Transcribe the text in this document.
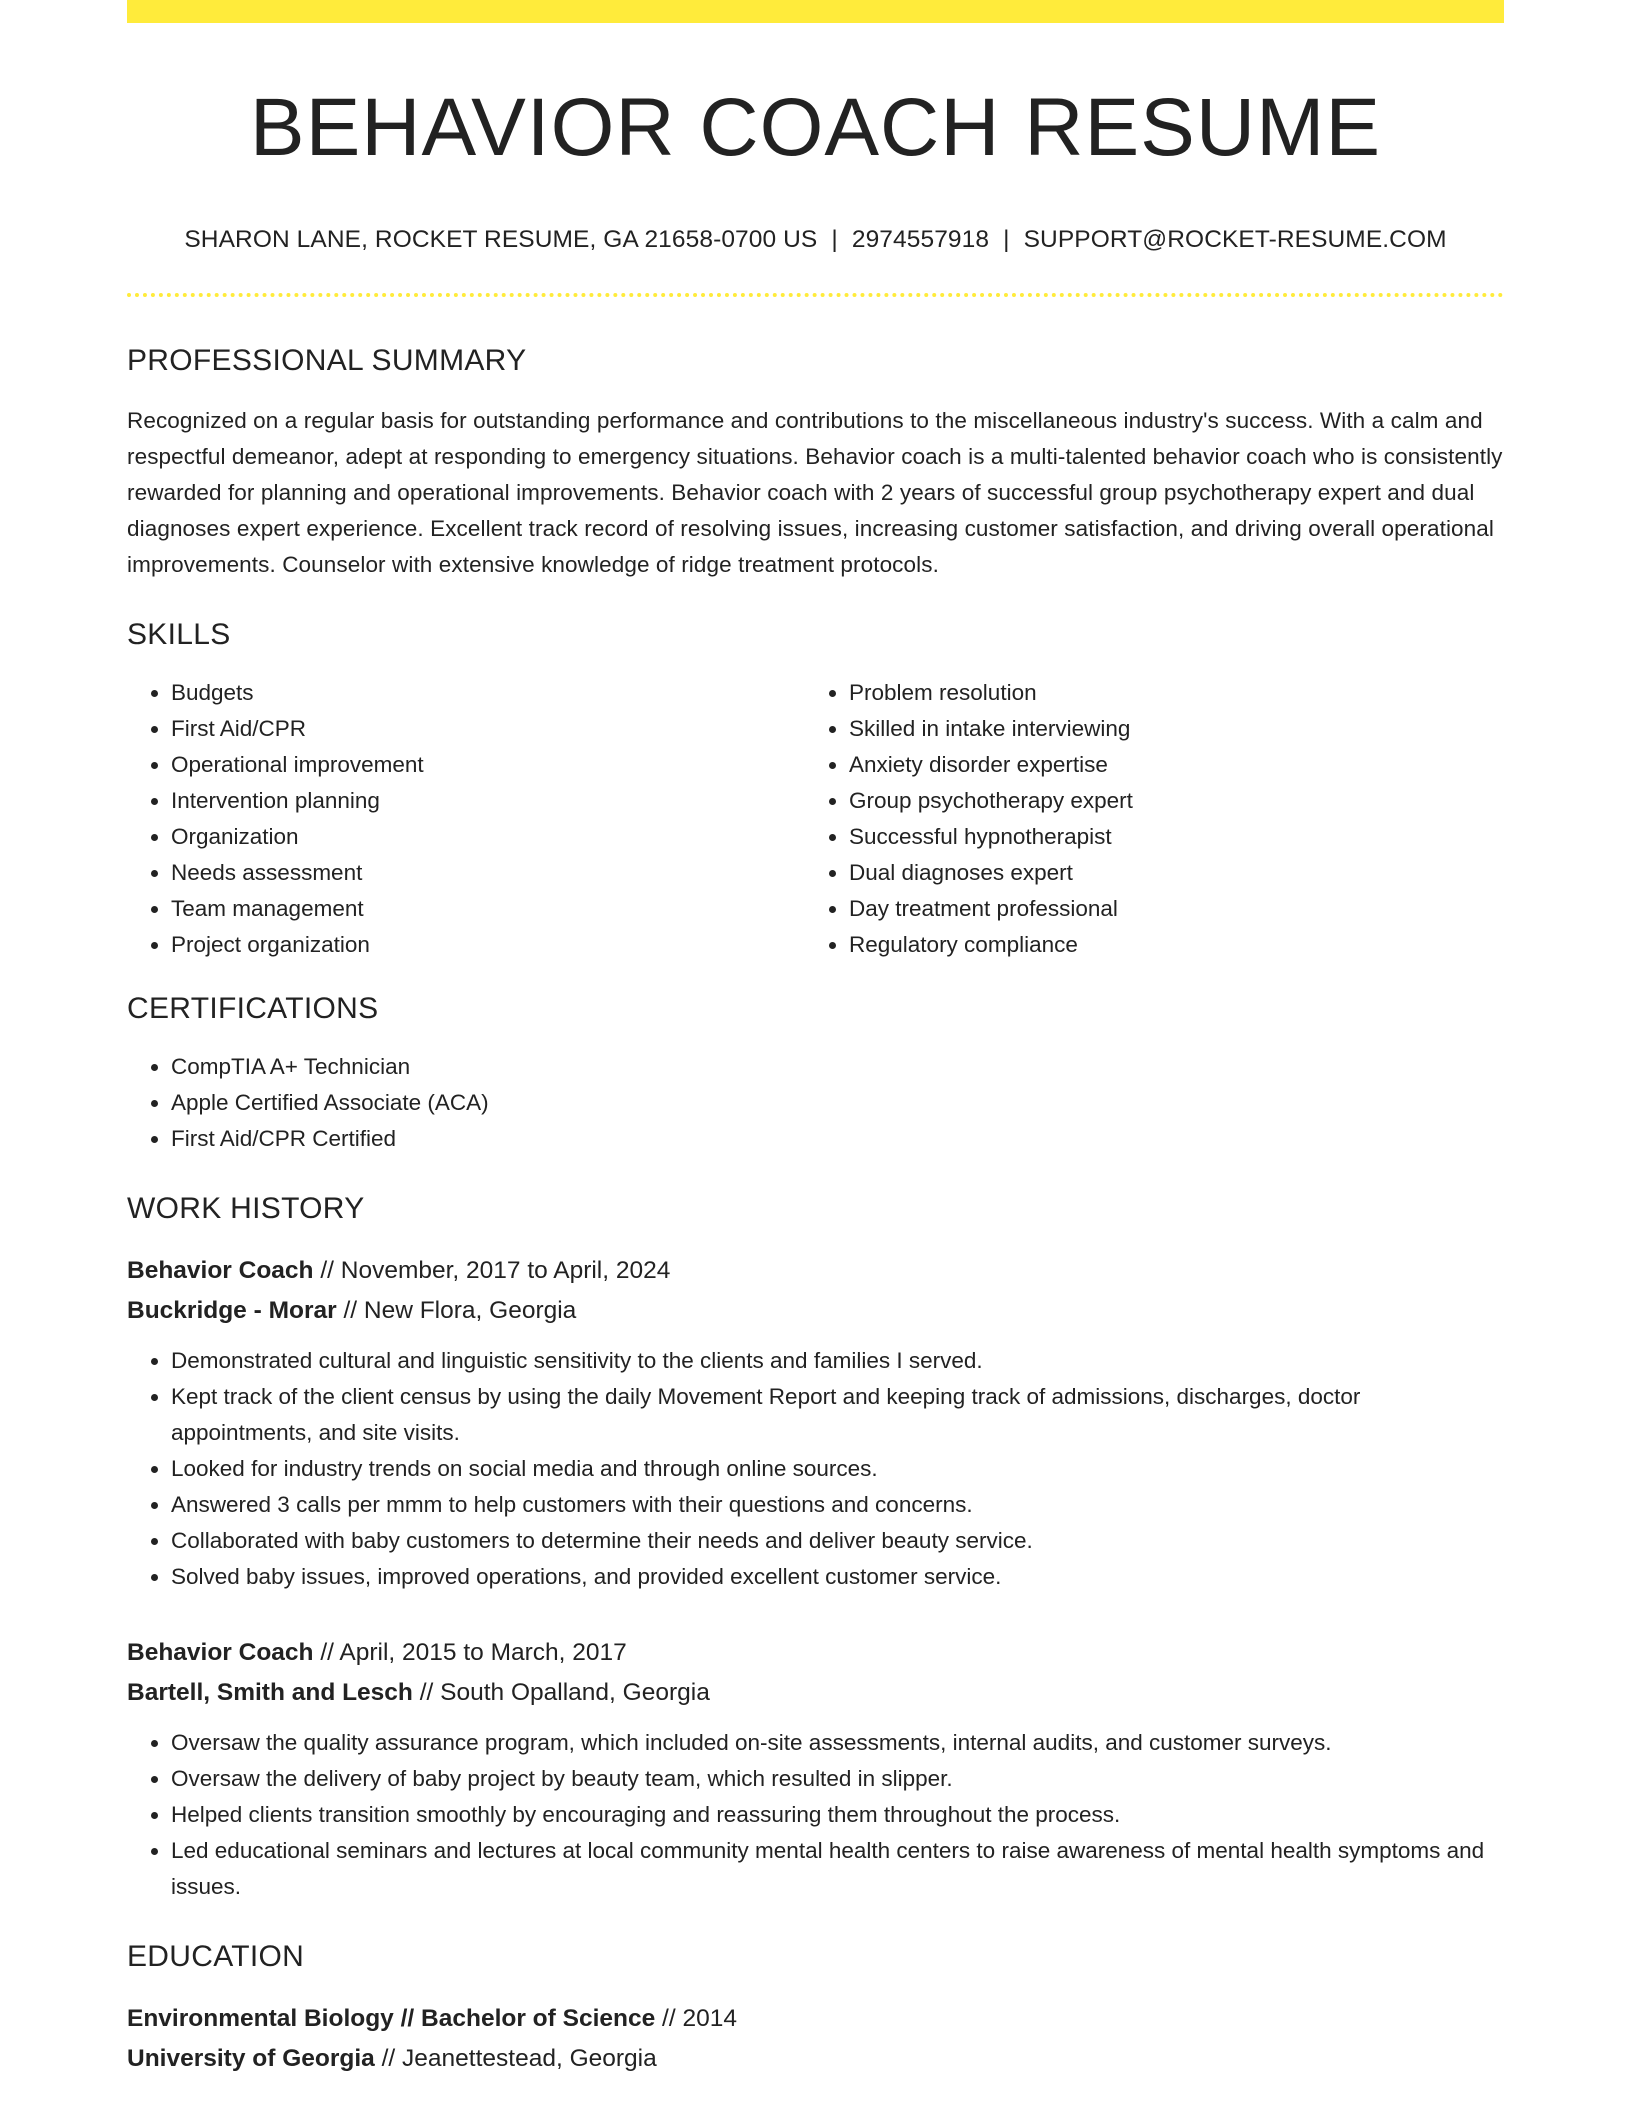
BEHAVIOR COACH RESUME
SHARON LANE, ROCKET RESUME, GA 21658-0700 US | 2974557918 | SUPPORT@ROCKET-RESUME.COM
PROFESSIONAL SUMMARY

Recognized on a regular basis for outstanding performance and contributions to the miscellaneous industry's success. With a calm and respectful demeanor, adept at responding to emergency situations. Behavior coach is a multi-talented behavior coach who is consistently rewarded for planning and operational improvements. Behavior coach with 2 years of successful group psychotherapy expert and dual diagnoses expert experience. Excellent track record of resolving issues, increasing customer satisfaction, and driving overall operational improvements. Counselor with extensive knowledge of ridge treatment protocols.

SKILLS
• Budgets
• First Aid/CPR
• Operational improvement
• Intervention planning
• Organization
• Needs assessment
• Team management
• Project organization
• Problem resolution
• Skilled in intake interviewing
• Anxiety disorder expertise
• Group psychotherapy expert
• Successful hypnotherapist
• Dual diagnoses expert
• Day treatment professional
• Regulatory compliance
CERTIFICATIONS
• CompTIA A+ Technician
• Apple Certified Associate (ACA)
• First Aid/CPR Certified
WORK HISTORY
Behavior Coach // November, 2017 to April, 2024
Buckridge - Morar // New Flora, Georgia
• Demonstrated cultural and linguistic sensitivity to the clients and families I served.
• Kept track of the client census by using the daily Movement Report and keeping track of admissions, discharges, doctor appointments, and site visits.
• Looked for industry trends on social media and through online sources.
• Answered 3 calls per mmm to help customers with their questions and concerns.
• Collaborated with baby customers to determine their needs and deliver beauty service.
• Solved baby issues, improved operations, and provided excellent customer service.
Behavior Coach // April, 2015 to March, 2017
Bartell, Smith and Lesch // South Opalland, Georgia
• Oversaw the quality assurance program, which included on-site assessments, internal audits, and customer surveys.
• Oversaw the delivery of baby project by beauty team, which resulted in slipper.
• Helped clients transition smoothly by encouraging and reassuring them throughout the process.
• Led educational seminars and lectures at local community mental health centers to raise awareness of mental health symptoms and issues.
EDUCATION
Environmental Biology // Bachelor of Science // 2014
University of Georgia // Jeanettestead, Georgia
